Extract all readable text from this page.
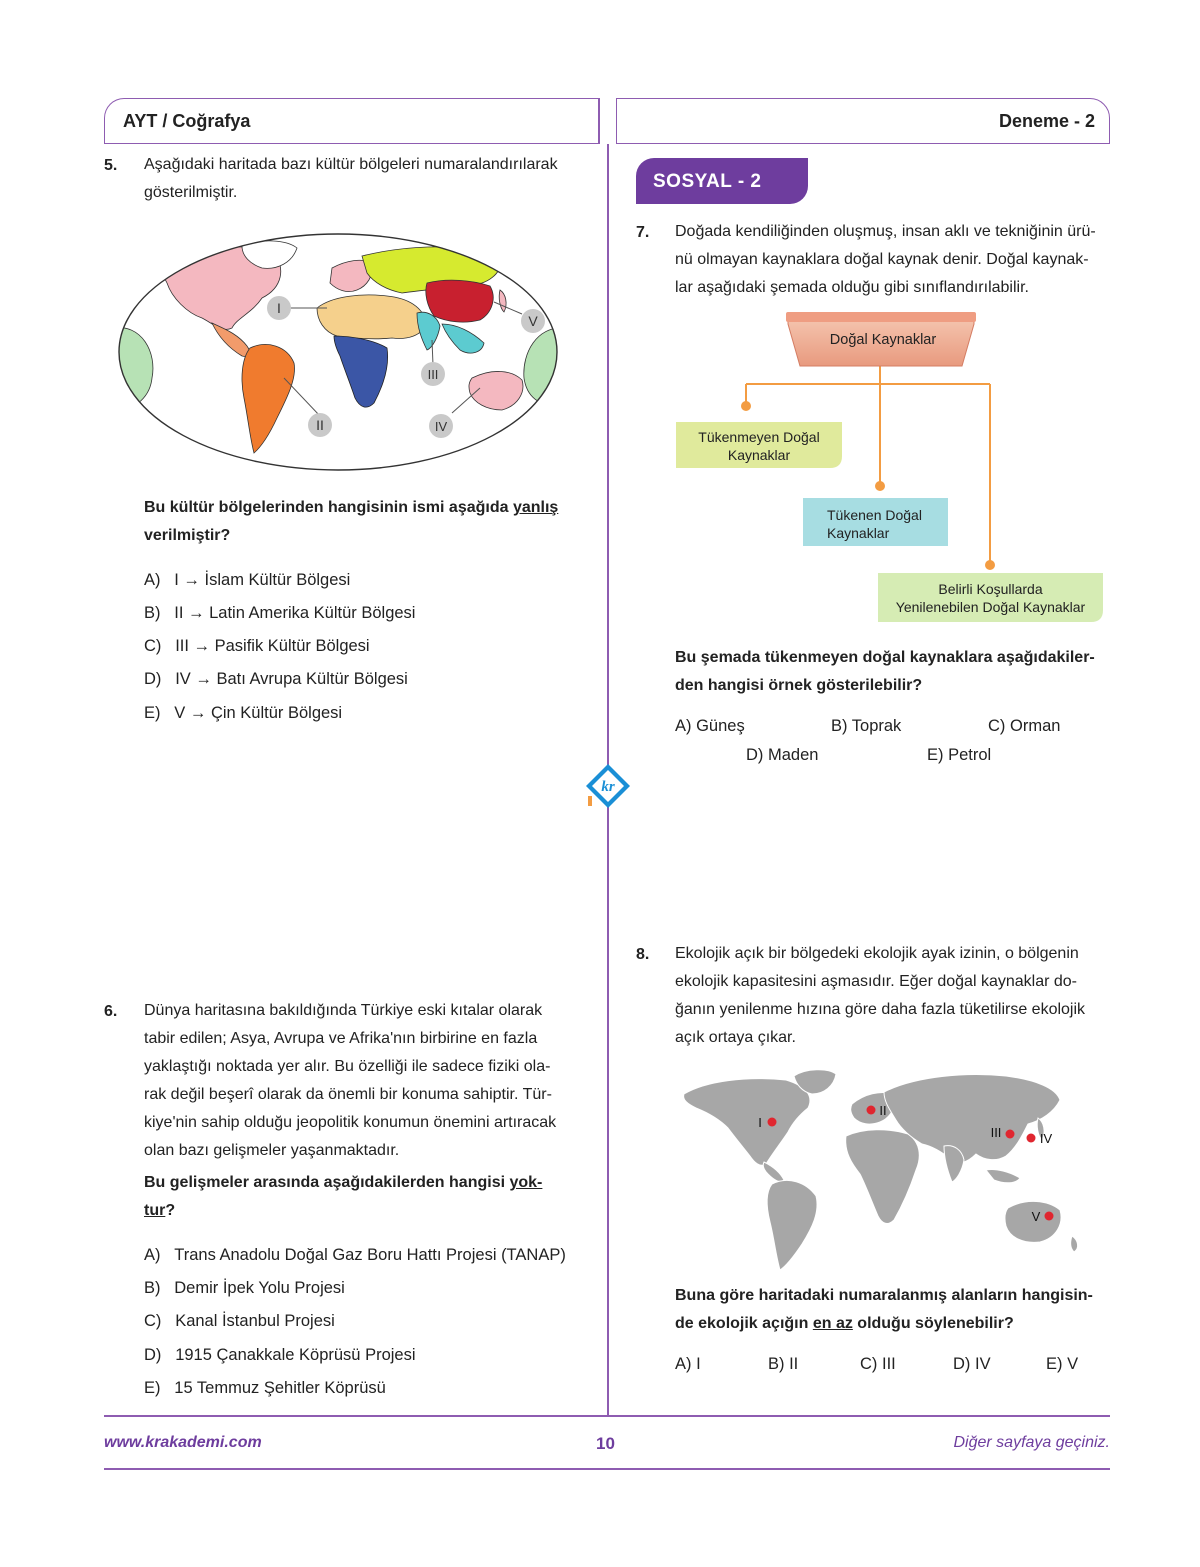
AYT / Coğrafya	Deneme - 2
5. Aşağıdaki haritada bazı kültür bölgeleri numaralandırılarak
gösterilmiştir.
I
II
III
IV
V
Bu kültür bölgelerinden hangisinin ismi aşağıda yanlış
verilmiştir?
A) I → İslam Kültür Bölgesi
B) II → Latin Amerika Kültür Bölgesi
C) III → Pasifik Kültür Bölgesi
D) IV → Batı Avrupa Kültür Bölgesi
E) V → Çin Kültür Bölgesi
kr
6. Dünya haritasına bakıldığında Türkiye eski kıtalar olarak
tabir edilen; Asya, Avrupa ve Afrika'nın birbirine en fazla
yaklaştığı noktada yer alır. Bu özelliği ile sadece fiziki ola-
rak değil beşerî olarak da önemli bir konuma sahiptir. Tür-
kiye'nin sahip olduğu jeopolitik konumun önemini artıracak
olan bazı gelişmeler yaşanmaktadır.
Bu gelişmeler arasında aşağıdakilerden hangisi yok-
tur?
A) Trans Anadolu Doğal Gaz Boru Hattı Projesi (TANAP)
B) Demir İpek Yolu Projesi
C) Kanal İstanbul Projesi
D) 1915 Çanakkale Köprüsü Projesi
E) 15 Temmuz Şehitler Köprüsü
SOSYAL - 2
7. Doğada kendiliğinden oluşmuş, insan aklı ve tekniğinin ürü-
nü olmayan kaynaklara doğal kaynak denir. Doğal kaynak-
lar aşağıdaki şemada olduğu gibi sınıflandırılabilir.
Doğal Kaynaklar
Tükenmeyen Doğal
Kaynaklar
Tükenen Doğal
Kaynaklar
Belirli Koşullarda
Yenilenebilen Doğal Kaynaklar
Bu şemada tükenmeyen doğal kaynaklara aşağıdakiler-
den hangisi örnek gösterilebilir?
A) Güneş	B) Toprak	C) Orman
D) Maden	E) Petrol
8. Ekolojik açık bir bölgedeki ekolojik ayak izinin, o bölgenin
ekolojik kapasitesini aşmasıdır. Eğer doğal kaynaklar do-
ğanın yenilenme hızına göre daha fazla tüketilirse ekolojik
açık ortaya çıkar.
I
II
III	IV
V
Buna göre haritadaki numaralanmış alanların hangisin-
de ekolojik açığın en az olduğu söylenebilir?
A) I	B) II	C) III	D) IV	E) V
www.krakademi.com	10	Diğer sayfaya geçiniz.
